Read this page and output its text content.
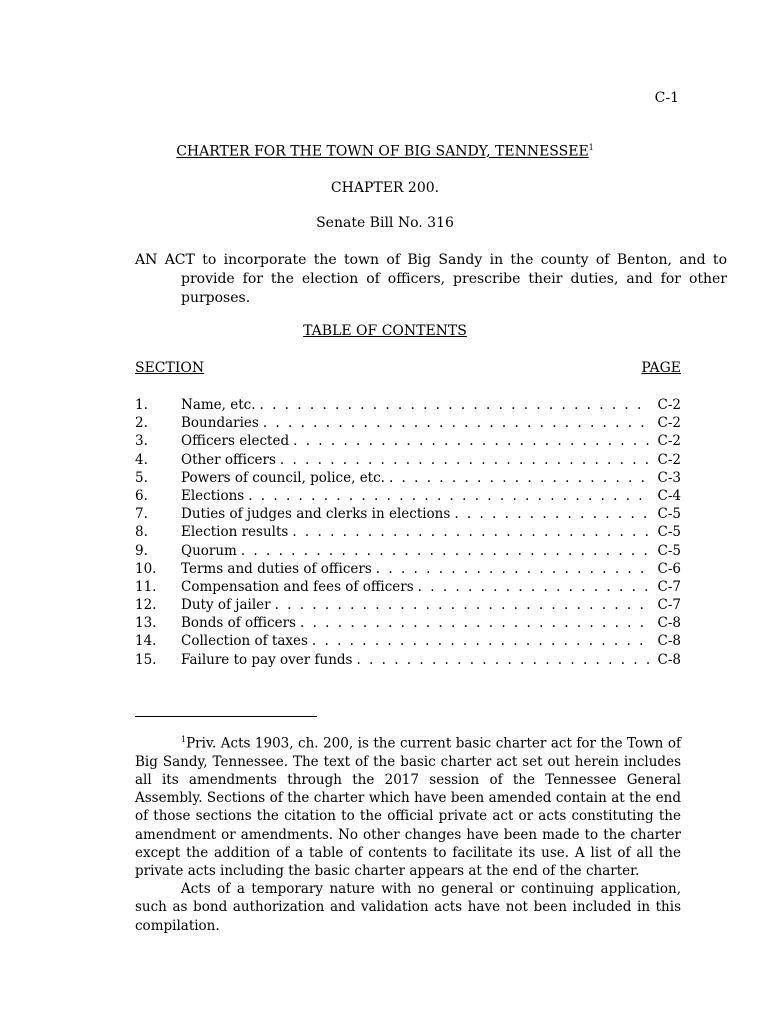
C-1
CHARTER FOR THE TOWN OF BIG SANDY, TENNESSEE$^1$
CHAPTER 200.
Senate Bill No. 316
AN ACT to incorporate the town of Big Sandy in the county of Benton, and to provide for the election of officers, prescribe their duties, and for other purposes.
TABLE OF CONTENTS
SECTION	PAGE
1.	Name, etc. . . .	C-2
2.	Boundaries . . .	C-2
3.	Officers elected . . .	C-2
4.	Other officers . . .	C-2
5.	Powers of council, police, etc. . . .	C-3
6.	Elections . . .	C-4
7.	Duties of judges and clerks in elections . . .	C-5
8.	Election results . . .	C-5
9.	Quorum . . .	C-5
10.	Terms and duties of officers . . .	C-6
11.	Compensation and fees of officers . . .	C-7
12.	Duty of jailer . . .	C-7
13.	Bonds of officers . . .	C-8
14.	Collection of taxes . . .	C-8
15.	Failure to pay over funds . . .	C-8

$^1$Priv. Acts 1903, ch. 200, is the current basic charter act for the Town of Big Sandy, Tennessee. The text of the basic charter act set out herein includes all its amendments through the 2017 session of the Tennessee General Assembly. Sections of the charter which have been amended contain at the end of those sections the citation to the official private act or acts constituting the amendment or amendments. No other changes have been made to the charter except the addition of a table of contents to facilitate its use. A list of all the private acts including the basic charter appears at the end of the charter.

Acts of a temporary nature with no general or continuing application, such as bond authorization and validation acts have not been included in this compilation.
